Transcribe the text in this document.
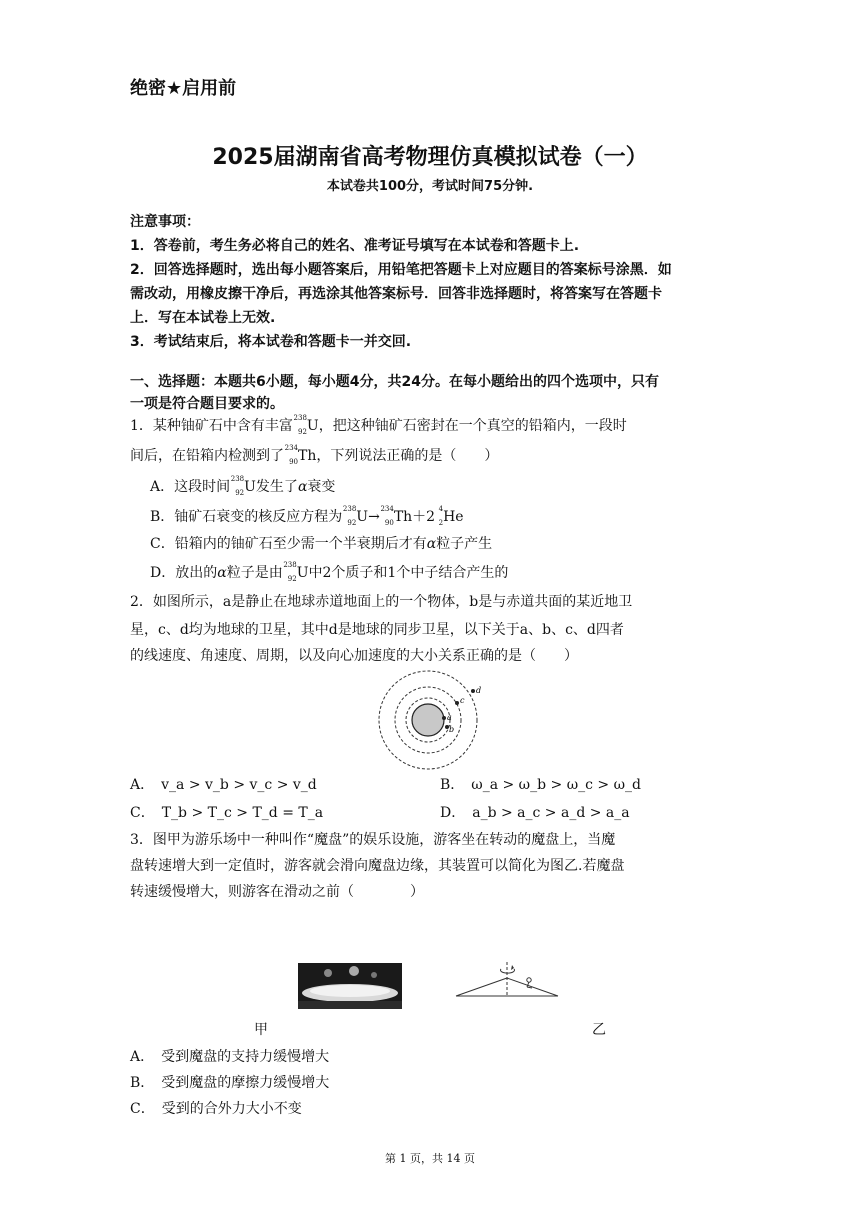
绝密★启用前
2025届湖南省高考物理仿真模拟试卷（一）
本试卷共100分，考试时间75分钟.
注意事项：
1．答卷前，考生务必将自己的姓名、准考证号填写在本试卷和答题卡上.
2．回答选择题时，选出每小题答案后，用铅笔把答题卡上对应题目的答案标号涂黑．如
需改动，用橡皮擦干净后，再选涂其他答案标号．回答非选择题时，将答案写在答题卡
上．写在本试卷上无效.
3．考试结束后，将本试卷和答题卡一并交回.
一、选择题：本题共6小题，每小题4分，共24分。在每小题给出的四个选项中，只有
一项是符合题目要求的。
1．某种铀矿石中含有丰富 238
92 U，把这种铀矿石密封在一个真空的铅箱内，一段时
间后，在铅箱内检测到了 234
90 Th，下列说法正确的是（　　）
A．这段时间 238
92 U发生了α衰变
B．铀矿石衰变的核反应方程为 238
92 U→ 234
90 Th＋2 4
2 He
C．铅箱内的铀矿石至少需一个半衰期后才有α粒子产生
D．放出的α粒子是由 238
92 U中2个质子和1个中子结合产生的
2．如图所示，a是静止在地球赤道地面上的一个物体，b是与赤道共面的某近地卫
星，c、d均为地球的卫星，其中d是地球的同步卫星，以下关于a、b、c、d四者
的线速度、角速度、周期，以及向心加速度的大小关系正确的是（　　）
a
b
c
d
A．　v_a > v_b > v_c > v_d	B．　ω_a > ω_b > ω_c > ω_d
C．　T_b > T_c > T_d = T_a	D．　a_b > a_c > a_d > a_a
3．图甲为游乐场中一种叫作“魔盘”的娱乐设施，游客坐在转动的魔盘上，当魔
盘转速增大到一定值时，游客就会滑向魔盘边缘，其装置可以简化为图乙.若魔盘
转速缓慢增大，则游客在滑动之前（　　　　）
甲	乙
A．　受到魔盘的支持力缓慢增大
B．　受到魔盘的摩擦力缓慢增大
C．　受到的合外力大小不变
第 1 页，共 14 页
